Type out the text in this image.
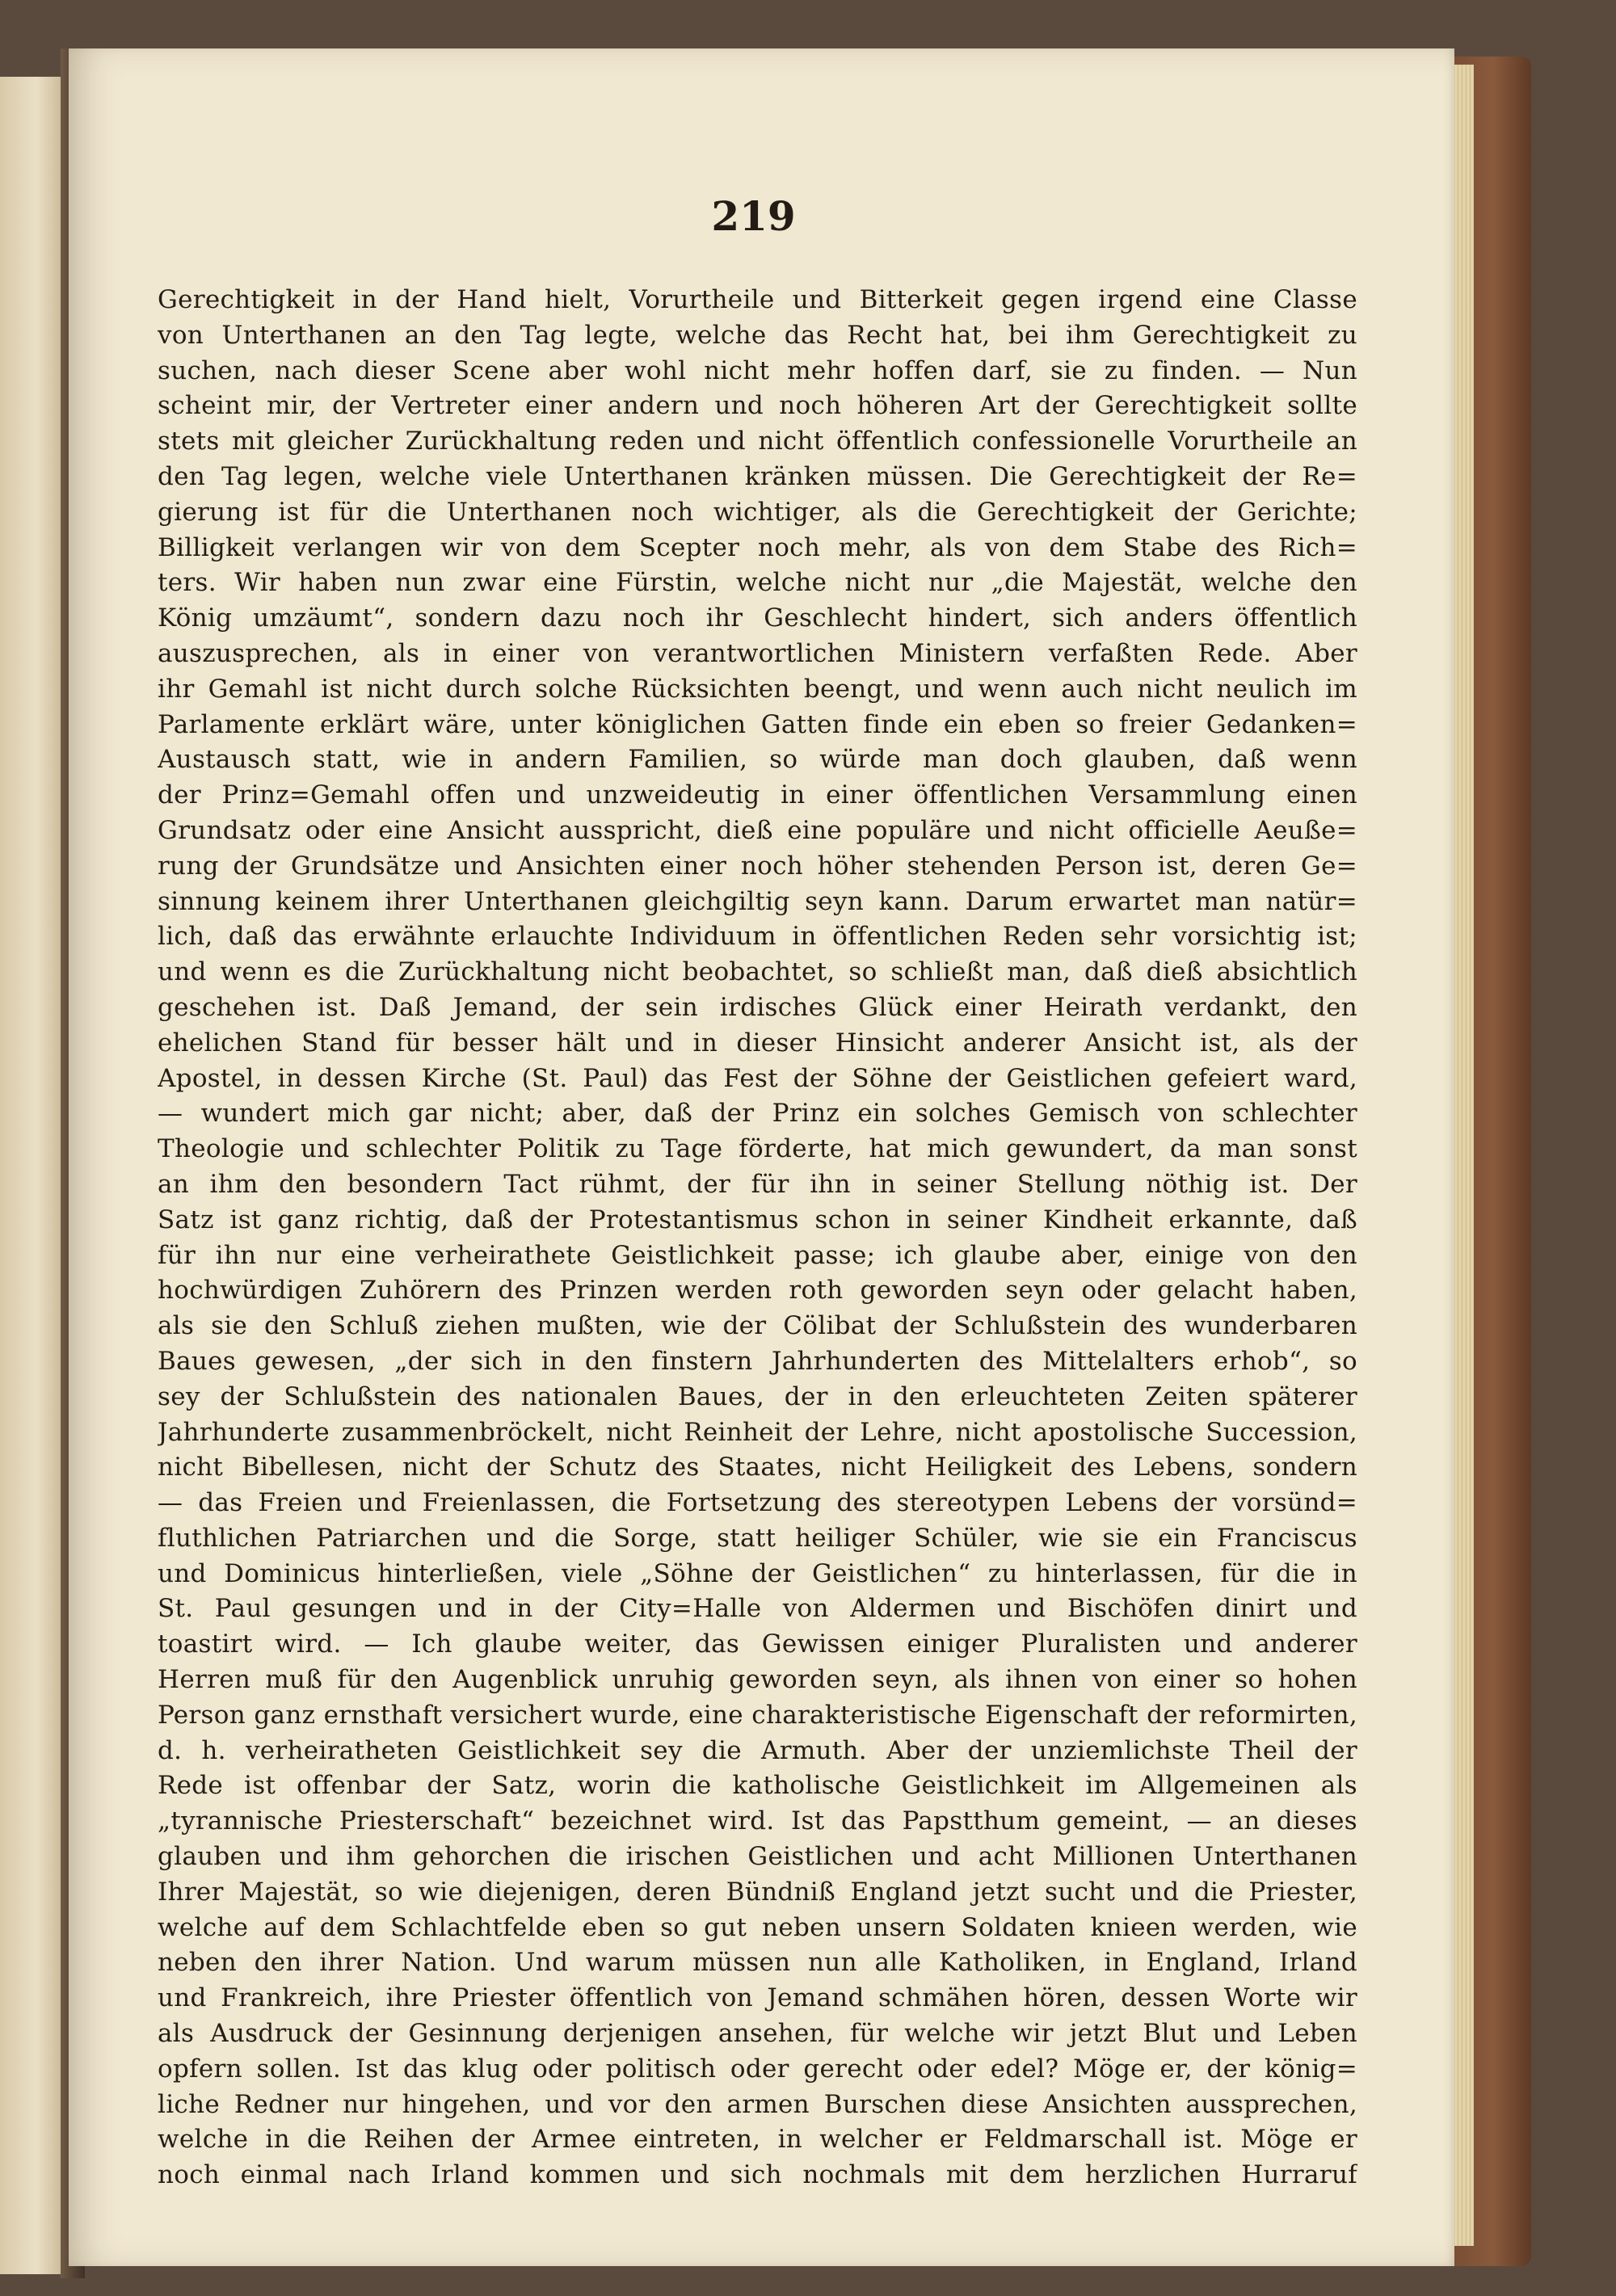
219
Gerechtigkeit in der Hand hielt, Vorurtheile und Bitterkeit gegen irgend eine Classe
von Unterthanen an den Tag legte, welche das Recht hat, bei ihm Gerechtigkeit zu
suchen, nach dieser Scene aber wohl nicht mehr hoffen darf, sie zu finden. — Nun
scheint mir, der Vertreter einer andern und noch höheren Art der Gerechtigkeit sollte
stets mit gleicher Zurückhaltung reden und nicht öffentlich confessionelle Vorurtheile an
den Tag legen, welche viele Unterthanen kränken müssen. Die Gerechtigkeit der Re=
gierung ist für die Unterthanen noch wichtiger, als die Gerechtigkeit der Gerichte;
Billigkeit verlangen wir von dem Scepter noch mehr, als von dem Stabe des Rich=
ters. Wir haben nun zwar eine Fürstin, welche nicht nur „die Majestät, welche den
König umzäumt“, sondern dazu noch ihr Geschlecht hindert, sich anders öffentlich
auszusprechen, als in einer von verantwortlichen Ministern verfaßten Rede. Aber
ihr Gemahl ist nicht durch solche Rücksichten beengt, und wenn auch nicht neulich im
Parlamente erklärt wäre, unter königlichen Gatten finde ein eben so freier Gedanken=
Austausch statt, wie in andern Familien, so würde man doch glauben, daß wenn
der Prinz=Gemahl offen und unzweideutig in einer öffentlichen Versammlung einen
Grundsatz oder eine Ansicht ausspricht, dieß eine populäre und nicht officielle Aeuße=
rung der Grundsätze und Ansichten einer noch höher stehenden Person ist, deren Ge=
sinnung keinem ihrer Unterthanen gleichgiltig seyn kann. Darum erwartet man natür=
lich, daß das erwähnte erlauchte Individuum in öffentlichen Reden sehr vorsichtig ist;
und wenn es die Zurückhaltung nicht beobachtet, so schließt man, daß dieß absichtlich
geschehen ist. Daß Jemand, der sein irdisches Glück einer Heirath verdankt, den
ehelichen Stand für besser hält und in dieser Hinsicht anderer Ansicht ist, als der
Apostel, in dessen Kirche (St. Paul) das Fest der Söhne der Geistlichen gefeiert ward,
— wundert mich gar nicht; aber, daß der Prinz ein solches Gemisch von schlechter
Theologie und schlechter Politik zu Tage förderte, hat mich gewundert, da man sonst
an ihm den besondern Tact rühmt, der für ihn in seiner Stellung nöthig ist. Der
Satz ist ganz richtig, daß der Protestantismus schon in seiner Kindheit erkannte, daß
für ihn nur eine verheirathete Geistlichkeit passe; ich glaube aber, einige von den
hochwürdigen Zuhörern des Prinzen werden roth geworden seyn oder gelacht haben,
als sie den Schluß ziehen mußten, wie der Cölibat der Schlußstein des wunderbaren
Baues gewesen, „der sich in den finstern Jahrhunderten des Mittelalters erhob“, so
sey der Schlußstein des nationalen Baues, der in den erleuchteten Zeiten späterer
Jahrhunderte zusammenbröckelt, nicht Reinheit der Lehre, nicht apostolische Succession,
nicht Bibellesen, nicht der Schutz des Staates, nicht Heiligkeit des Lebens, sondern
— das Freien und Freienlassen, die Fortsetzung des stereotypen Lebens der vorsünd=
fluthlichen Patriarchen und die Sorge, statt heiliger Schüler, wie sie ein Franciscus
und Dominicus hinterließen, viele „Söhne der Geistlichen“ zu hinterlassen, für die in
St. Paul gesungen und in der City=Halle von Aldermen und Bischöfen dinirt und
toastirt wird. — Ich glaube weiter, das Gewissen einiger Pluralisten und anderer
Herren muß für den Augenblick unruhig geworden seyn, als ihnen von einer so hohen
Person ganz ernsthaft versichert wurde, eine charakteristische Eigenschaft der reformirten,
d. h. verheiratheten Geistlichkeit sey die Armuth. Aber der unziemlichste Theil der
Rede ist offenbar der Satz, worin die katholische Geistlichkeit im Allgemeinen als
„tyrannische Priesterschaft“ bezeichnet wird. Ist das Papstthum gemeint, — an dieses
glauben und ihm gehorchen die irischen Geistlichen und acht Millionen Unterthanen
Ihrer Majestät, so wie diejenigen, deren Bündniß England jetzt sucht und die Priester,
welche auf dem Schlachtfelde eben so gut neben unsern Soldaten knieen werden, wie
neben den ihrer Nation. Und warum müssen nun alle Katholiken, in England, Irland
und Frankreich, ihre Priester öffentlich von Jemand schmähen hören, dessen Worte wir
als Ausdruck der Gesinnung derjenigen ansehen, für welche wir jetzt Blut und Leben
opfern sollen. Ist das klug oder politisch oder gerecht oder edel? Möge er, der könig=
liche Redner nur hingehen, und vor den armen Burschen diese Ansichten aussprechen,
welche in die Reihen der Armee eintreten, in welcher er Feldmarschall ist. Möge er
noch einmal nach Irland kommen und sich nochmals mit dem herzlichen Hurraruf
